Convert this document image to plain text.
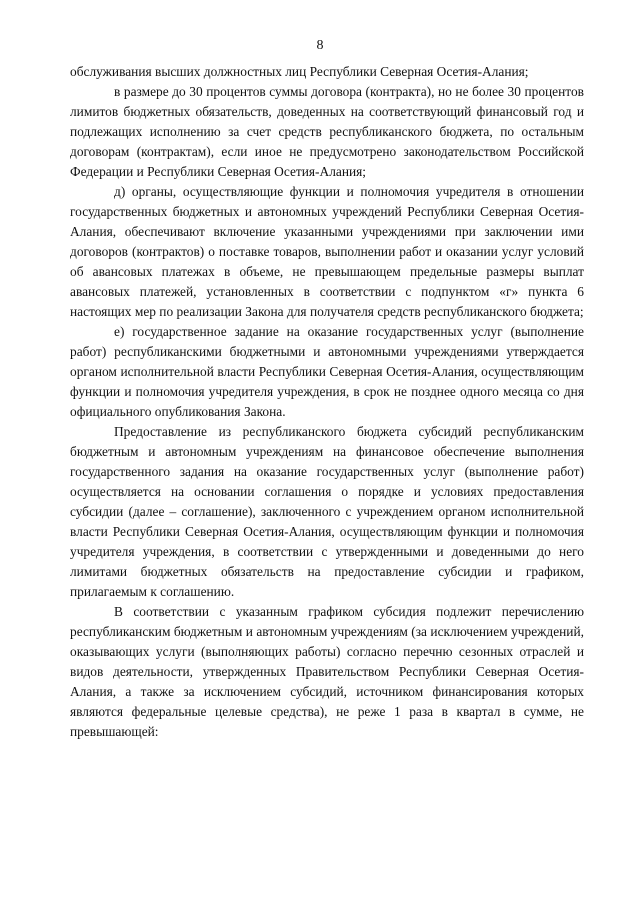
8

обслуживания высших должностных лиц Республики Северная Осетия-Алания;

в размере до 30 процентов суммы договора (контракта), но не более 30 процентов лимитов бюджетных обязательств, доведенных на соответствующий финансовый год и подлежащих исполнению за счет средств республиканского бюджета, по остальным договорам (контрактам), если иное не предусмотрено законодательством Российской Федерации и Республики Северная Осетия-Алания;

д) органы, осуществляющие функции и полномочия учредителя в отношении государственных бюджетных и автономных учреждений Республики Северная Осетия-Алания, обеспечивают включение указанными учреждениями при заключении ими договоров (контрактов) о поставке товаров, выполнении работ и оказании услуг условий об авансовых платежах в объеме, не превышающем предельные размеры выплат авансовых платежей, установленных в соответствии с подпунктом «г» пункта 6 настоящих мер по реализации Закона для получателя средств республиканского бюджета;

е) государственное задание на оказание государственных услуг (выполнение работ) республиканскими бюджетными и автономными учреждениями утверждается органом исполнительной власти Республики Северная Осетия-Алания, осуществляющим функции и полномочия учредителя учреждения, в срок не позднее одного месяца со дня официального опубликования Закона.

Предоставление из республиканского бюджета субсидий республиканским бюджетным и автономным учреждениям на финансовое обеспечение выполнения государственного задания на оказание государственных услуг (выполнение работ) осуществляется на основании соглашения о порядке и условиях предоставления субсидии (далее – соглашение), заключенного с учреждением органом исполнительной власти Республики Северная Осетия-Алания, осуществляющим функции и полномочия учредителя учреждения, в соответствии с утвержденными и доведенными до него лимитами бюджетных обязательств на предоставление субсидии и графиком, прилагаемым к соглашению.

В соответствии с указанным графиком субсидия подлежит перечислению республиканским бюджетным и автономным учреждениям (за исключением учреждений, оказывающих услуги (выполняющих работы) согласно перечню сезонных отраслей и видов деятельности, утвержденных Правительством Республики Северная Осетия-Алания, а также за исключением субсидий, источником финансирования которых являются федеральные целевые средства), не реже 1 раза в квартал в сумме, не превышающей:
